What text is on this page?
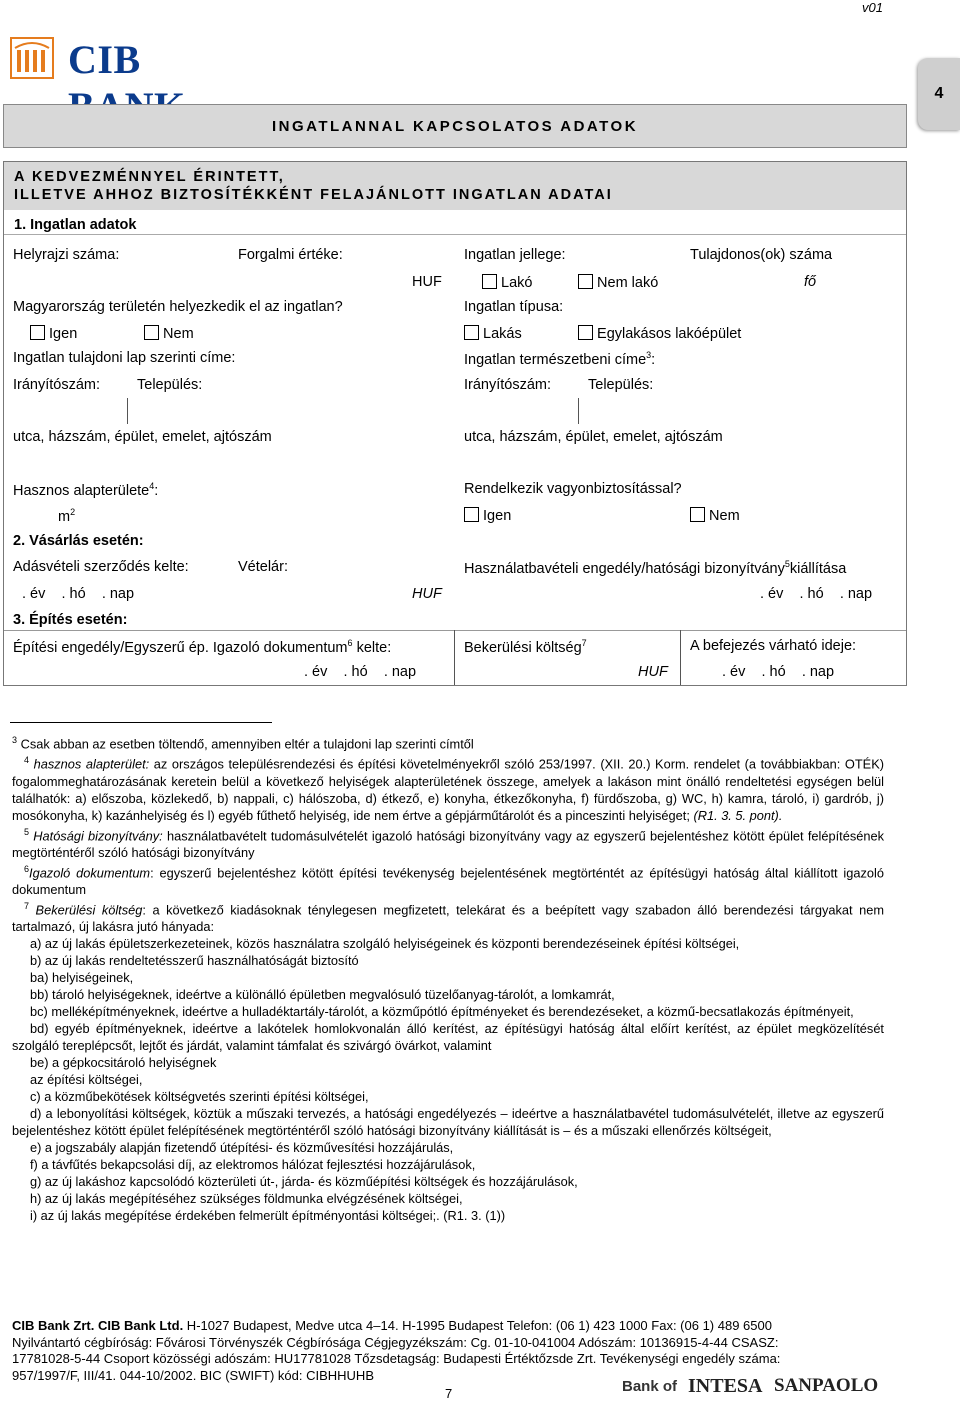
v01
CIB
4
INGATLANNAL KAPCSOLATOS ADATOK
A KEDVEZMÉNNYEL ÉRINTETT,
ILLETVE AHHOZ BIZTOSÍTÉKKÉNT FELAJÁNLOTT INGATLAN ADATAI
1. Ingatlan adatok
Helyrajzi száma:	Forgalmi értéke:
HUF
Ingatlan jellege:
Lakó	Nem lakó
Tulajdonos(ok) száma
fő
Magyarország területén helyezkedik el az ingatlan?
Igen	Nem
Ingatlan típusa:
Lakás	Egylakásos lakóépület
Ingatlan tulajdoni lap szerinti címe:	Ingatlan természetbeni címe$^3$:
Irányítószám:	Település:	Irányítószám:	Település:
utca, házszám, épület, emelet, ajtószám	utca, házszám, épület, emelet, ajtószám
Hasznos alapterülete$^4$:
$m^2$
Rendelkezik vagyonbiztosítással?
Igen	Nem
2. Vásárlás esetén:
Adásvételi szerződés kelte:	Vételár:	Használatbavételi engedély/hatósági bizonyítvány$^5$kiállítása
. év . hó . nap	HUF	. év . hó . nap
3. Építés esetén:
Építési engedély/Egyszerű ép. Igazoló dokumentum$^6$ kelte:
. év . hó . nap
Bekerülési költség$^7$
HUF
A befejezés várható ideje:
. év . hó . nap

$^3$ Csak abban az esetben töltendő, amennyiben eltér a tulajdoni lap szerinti címtől

$^4$ hasznos alapterület: az országos településrendezési és építési követelményekről szóló 253/1997. (XII. 20.) Korm. rendelet (a továbbiakban: OTÉK) fogalommeghatározásának keretein belül a következő helyiségek alapterületének összege, amelyek a lakáson mint önálló rendeltetési egységen belül találhatók: a) előszoba, közlekedő, b) nappali, c) hálószoba, d) étkező, e) konyha, étkezőkonyha, f) fürdőszoba, g) WC, h) kamra, tároló, i) gardrób, j) mosókonyha, k) kazánhelyiség és l) egyéb fűthető helyiség, ide nem értve a gépjárműtárolót és a pinceszinti helyiséget; (R1. 3. 5. pont).

$^5$ Hatósági bizonyítvány: használatbavételt tudomásulvételét igazoló hatósági bizonyítvány vagy az egyszerű bejelentéshez kötött épület felépítésének megtörténtéről szóló hatósági bizonyítvány

$^6$Igazoló dokumentum: egyszerű bejelentéshez kötött építési tevékenység bejelentésének megtörténtét az építésügyi hatóság által kiállított igazoló dokumentum

$^7$ Bekerülési költség: a következő kiadásoknak ténylegesen megfizetett, telekárat és a beépített vagy szabadon álló berendezési tárgyakat nem tartalmazó, új lakásra jutó hányada:

a) az új lakás épületszerkezeteinek, közös használatra szolgáló helyiségeinek és központi berendezéseinek építési költségei,

b) az új lakás rendeltetésszerű használhatóságát biztosító

ba) helyiségeinek,

bb) tároló helyiségeknek, ideértve a különálló épületben megvalósuló tüzelőanyag-tárolót, a lomkamrát,

bc) melléképítményeknek, ideértve a hulladéktartály-tárolót, a közműpótló építményeket és berendezéseket, a közmű-becsatlakozás építményeit,

bd) egyéb építményeknek, ideértve a lakótelek homlokvonalán álló kerítést, az építésügyi hatóság által előírt kerítést, az épület megközelítését szolgáló tereplépcsőt, lejtőt és járdát, valamint támfalat és szivárgó övárkot, valamint

be) a gépkocsitároló helyiségnek

az építési költségei,

c) a közműbekötések költségvetés szerinti építési költségei,

d) a lebonyolítási költségek, köztük a műszaki tervezés, a hatósági engedélyezés – ideértve a használatbavétel tudomásulvételét, illetve az egyszerű bejelentéshez kötött épület felépítésének megtörténtéről szóló hatósági bizonyítvány kiállítását is – és a műszaki ellenőrzés költségeit,

e) a jogszabály alapján fizetendő útépítési- és közművesítési hozzájárulás,

f) a távfűtés bekapcsolási díj, az elektromos hálózat fejlesztési hozzájárulások,

g) az új lakáshoz kapcsolódó közterületi út-, járda- és közműépítési költségek és hozzájárulások,

h) az új lakás megépítéséhez szükséges földmunka elvégzésének költségei,

i) az új lakás megépítése érdekében felmerült építményontási költségei;. (R1. 3. (1))

CIB Bank Zrt. CIB Bank Ltd. H-1027 Budapest, Medve utca 4–14. H-1995 Budapest Telefon: (06 1) 423 1000 Fax: (06 1) 489 6500
Nyilvántartó cégbíróság: Fővárosi Törvényszék Cégbírósága Cégjegyzékszám: Cg. 01-10-041004 Adószám: 10136915-4-44 CSASZ:
17781028-5-44 Csoport közösségi adószám: HU17781028 Tőzsdetagság: Budapesti Értéktőzsde Zrt. Tevékenységi engedély száma:
957/1997/F, III/41. 044-10/2002. BIC (SWIFT) kód: CIBHHUHB
7	Bank of INTESA SANPAOLO
